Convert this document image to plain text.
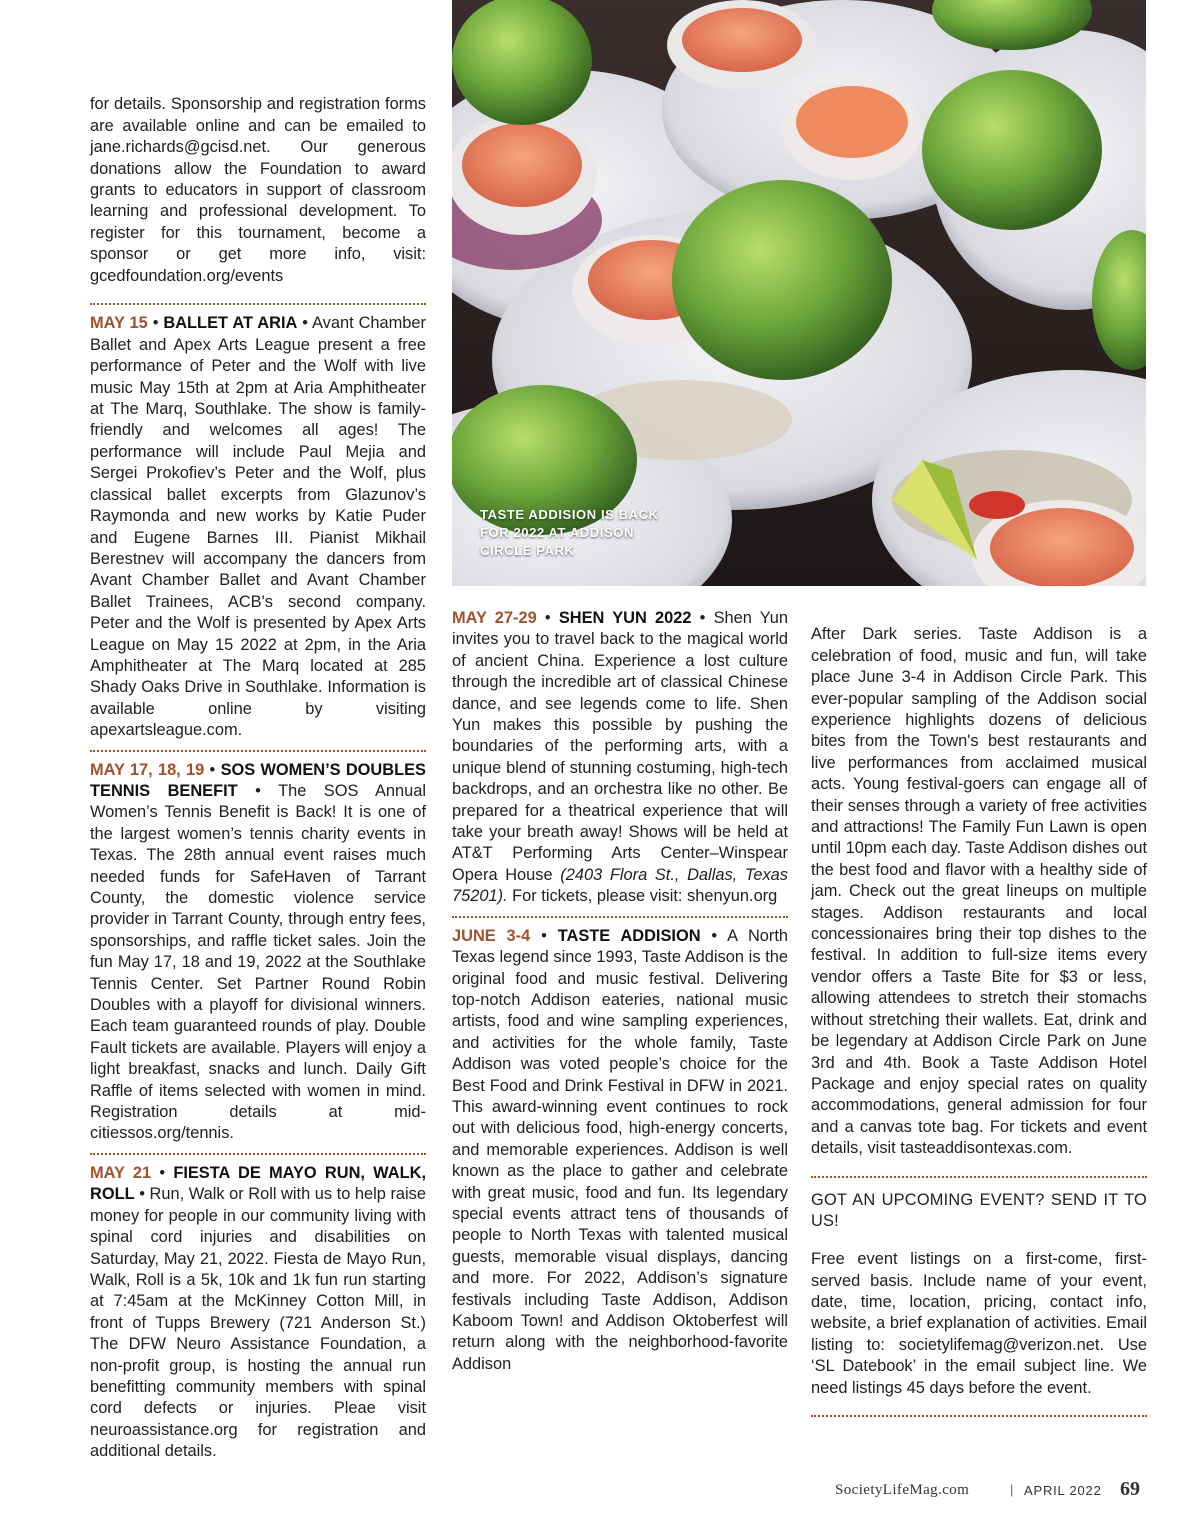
for details. Sponsorship and registration forms are available online and can be emailed to jane.richards@gcisd.net. Our generous donations allow the Foundation to award grants to educators in support of classroom learning and professional development. To register for this tournament, become a sponsor or get more info, visit: gcedfoundation.org/events

MAY 15 • BALLET AT ARIA • Avant Chamber Ballet and Apex Arts League present a free performance of Peter and the Wolf with live music May 15th at 2pm at Aria Amphitheater at The Marq, Southlake. The show is family-friendly and welcomes all ages! The performance will include Paul Mejia and Sergei Prokofiev’s Peter and the Wolf, plus classical ballet excerpts from Glazunov’s Raymonda and new works by Katie Puder and Eugene Barnes III. Pianist Mikhail Berestnev will accompany the dancers from Avant Chamber Ballet and Avant Chamber Ballet Trainees, ACB's second company. Peter and the Wolf is presented by Apex Arts League on May 15 2022 at 2pm, in the Aria Amphitheater at The Marq located at 285 Shady Oaks Drive in Southlake. Information is available online by visiting apexartsleague.com.

MAY 17, 18, 19 • SOS WOMEN’S DOUBLES TENNIS BENEFIT • The SOS Annual Women’s Tennis Benefit is Back! It is one of the largest women’s tennis charity events in Texas. The 28th annual event raises much needed funds for SafeHaven of Tarrant County, the domestic violence service provider in Tarrant County, through entry fees, sponsorships, and raffle ticket sales. Join the fun May 17, 18 and 19, 2022 at the Southlake Tennis Center. Set Partner Round Robin Doubles with a playoff for divisional winners. Each team guaranteed rounds of play. Double Fault tickets are available. Players will enjoy a light breakfast, snacks and lunch. Daily Gift Raffle of items selected with women in mind. Registration details at mid-citiessos.org/tennis.

MAY 21 • FIESTA DE MAYO RUN, WALK, ROLL • Run, Walk or Roll with us to help raise money for people in our community living with spinal cord injuries and disabilities on Saturday, May 21, 2022. Fiesta de Mayo Run, Walk, Roll is a 5k, 10k and 1k fun run starting at 7:45am at the McKinney Cotton Mill, in front of Tupps Brewery (721 Anderson St.) The DFW Neuro Assistance Foundation, a non-profit group, is hosting the annual run benefitting community members with spinal cord defects or injuries. Pleae visit neuroassistance.org for registration and additional details.

TASTE ADDISION IS BACK FOR 2022 AT ADDISON CIRCLE PARK

MAY 27-29 • SHEN YUN 2022 • Shen Yun invites you to travel back to the magical world of ancient China. Experience a lost culture through the incredible art of classical Chinese dance, and see legends come to life. Shen Yun makes this possible by pushing the boundaries of the performing arts, with a unique blend of stunning costuming, high-tech backdrops, and an orchestra like no other. Be prepared for a theatrical experience that will take your breath away! Shows will be held at AT&T Performing Arts Center–Winspear Opera House (2403 Flora St., Dallas, Texas 75201). For tickets, please visit: shenyun.org

JUNE 3-4 • TASTE ADDISION • A North Texas legend since 1993, Taste Addison is the original food and music festival. Delivering top-notch Addison eateries, national music artists, food and wine sampling experiences, and activities for the whole family, Taste Addison was voted people’s choice for the Best Food and Drink Festival in DFW in 2021. This award-winning event continues to rock out with delicious food, high-energy concerts, and memorable experiences. Addison is well known as the place to gather and celebrate with great music, food and fun. Its legendary special events attract tens of thousands of people to North Texas with talented musical guests, memorable visual displays, dancing and more. For 2022, Addison’s signature festivals including Taste Addison, Addison Kaboom Town! and Addison Oktoberfest will return along with the neighborhood-favorite Addison

After Dark series. Taste Addison is a celebration of food, music and fun, will take place June 3-4 in Addison Circle Park. This ever-popular sampling of the Addison social experience highlights dozens of delicious bites from the Town's best restaurants and live performances from acclaimed musical acts. Young festival-goers can engage all of their senses through a variety of free activities and attractions! The Family Fun Lawn is open until 10pm each day. Taste Addison dishes out the best food and flavor with a healthy side of jam. Check out the great lineups on multiple stages. Addison restaurants and local concessionaires bring their top dishes to the festival. In addition to full-size items every vendor offers a Taste Bite for $3 or less, allowing attendees to stretch their stomachs without stretching their wallets. Eat, drink and be legendary at Addison Circle Park on June 3rd and 4th. Book a Taste Addison Hotel Package and enjoy special rates on quality accommodations, general admission for four and a canvas tote bag. For tickets and event details, visit tasteaddisontexas.com.

GOT AN UPCOMING EVENT? SEND IT TO US!

Free event listings on a first-come, first-served basis. Include name of your event, date, time, location, pricing, contact info, website, a brief explanation of activities. Email listing to: societylifemag@verizon.net. Use ‘SL Datebook’ in the email subject line. We need listings 45 days before the event.

SocietyLifeMag.com	| APRIL 2022 69
